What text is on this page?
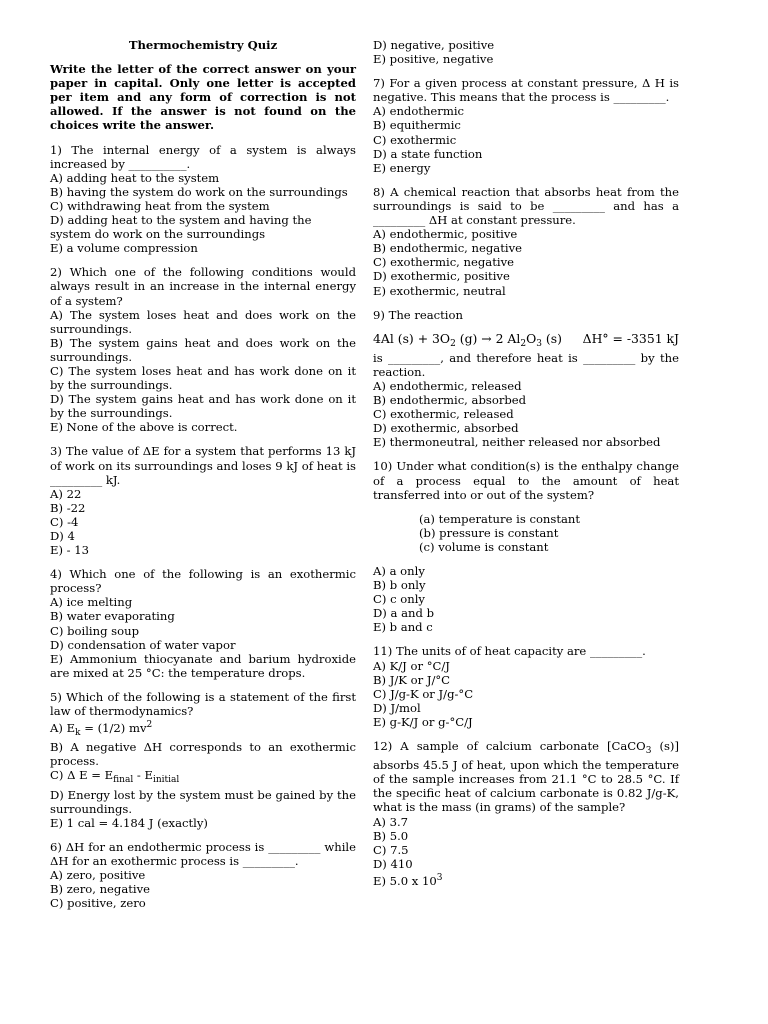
Thermochemistry Quiz
Write the letter of the correct answer on your paper in capital. Only one letter is accepted per item and any form of correction is not allowed. If the answer is not found on the choices write the answer.
1) The internal energy of a system is always increased by __________.
A) adding heat to the system
B) having the system do work on the surroundings
C) withdrawing heat from the system
D) adding heat to the system and having the system do work on the surroundings
E) a volume compression
2) Which one of the following conditions would always result in an increase in the internal energy of a system?
A) The system loses heat and does work on the surroundings.
B) The system gains heat and does work on the surroundings.
C) The system loses heat and has work done on it by the surroundings.
D) The system gains heat and has work done on it by the surroundings.
E) None of the above is correct.
3) The value of ΔE for a system that performs 13 kJ of work on its surroundings and loses 9 kJ of heat is _________ kJ.
A) 22
B) -22
C) -4
D) 4
E) - 13
4) Which one of the following is an exothermic process?
A) ice melting
B) water evaporating
C) boiling soup
D) condensation of water vapor
E) Ammonium thiocyanate and barium hydroxide are mixed at 25 °C: the temperature drops.
5) Which of the following is a statement of the first law of thermodynamics?
A) $E_k = (1/2)$ $mv^2$
B) A negative ΔH corresponds to an exothermic process.
C) Δ $E = E_{final} - E_{initial}$
D) Energy lost by the system must be gained by the surroundings.
E) 1 cal = 4.184 J (exactly)
6) ΔH for an endothermic process is _________ while ΔH for an exothermic process is _________.
A) zero, positive
B) zero, negative
C) positive, zero
D) negative, positive
E) positive, negative
7) For a given process at constant pressure, Δ H is negative. This means that the process is _________.
A) endothermic
B) equithermic
C) exothermic
D) a state function
E) energy
8) A chemical reaction that absorbs heat from the surroundings is said to be _________ and has a _________ ΔH at constant pressure.
A) endothermic, positive
B) endothermic, negative
C) exothermic, negative
D) exothermic, positive
E) exothermic, neutral
9) The reaction
4Al $(s) + 3O_2$ (g) → 2 $Al_2O_3$ (s) ΔH° = -3351 kJ
is _________, and therefore heat is _________ by the reaction.
A) endothermic, released
B) endothermic, absorbed
C) exothermic, released
D) exothermic, absorbed
E) thermoneutral, neither released nor absorbed
10) Under what condition(s) is the enthalpy change of a process equal to the amount of heat transferred into or out of the system?
(a) temperature is constant
(b) pressure is constant
(c) volume is constant
A) a only
B) b only
C) c only
D) a and b
E) b and c
11) The units of of heat capacity are _________.
A) K/J or °C/J
B) J/K or J/°C
C) J/g-K or J/g-°C
D) J/mol
E) g-K/J or g-°C/J
12) A sample of calcium carbonate [CaCO$_3$ (s)] absorbs 45.5 J of heat, upon which the temperature of the sample increases from 21.1 °C to 28.5 °C. If the specific heat of calcium carbonate is 0.82 J/g-K, what is the mass (in grams) of the sample?
A) 3.7
B) 5.0
C) 7.5
D) 410
E) 5.0 x $10^3$
